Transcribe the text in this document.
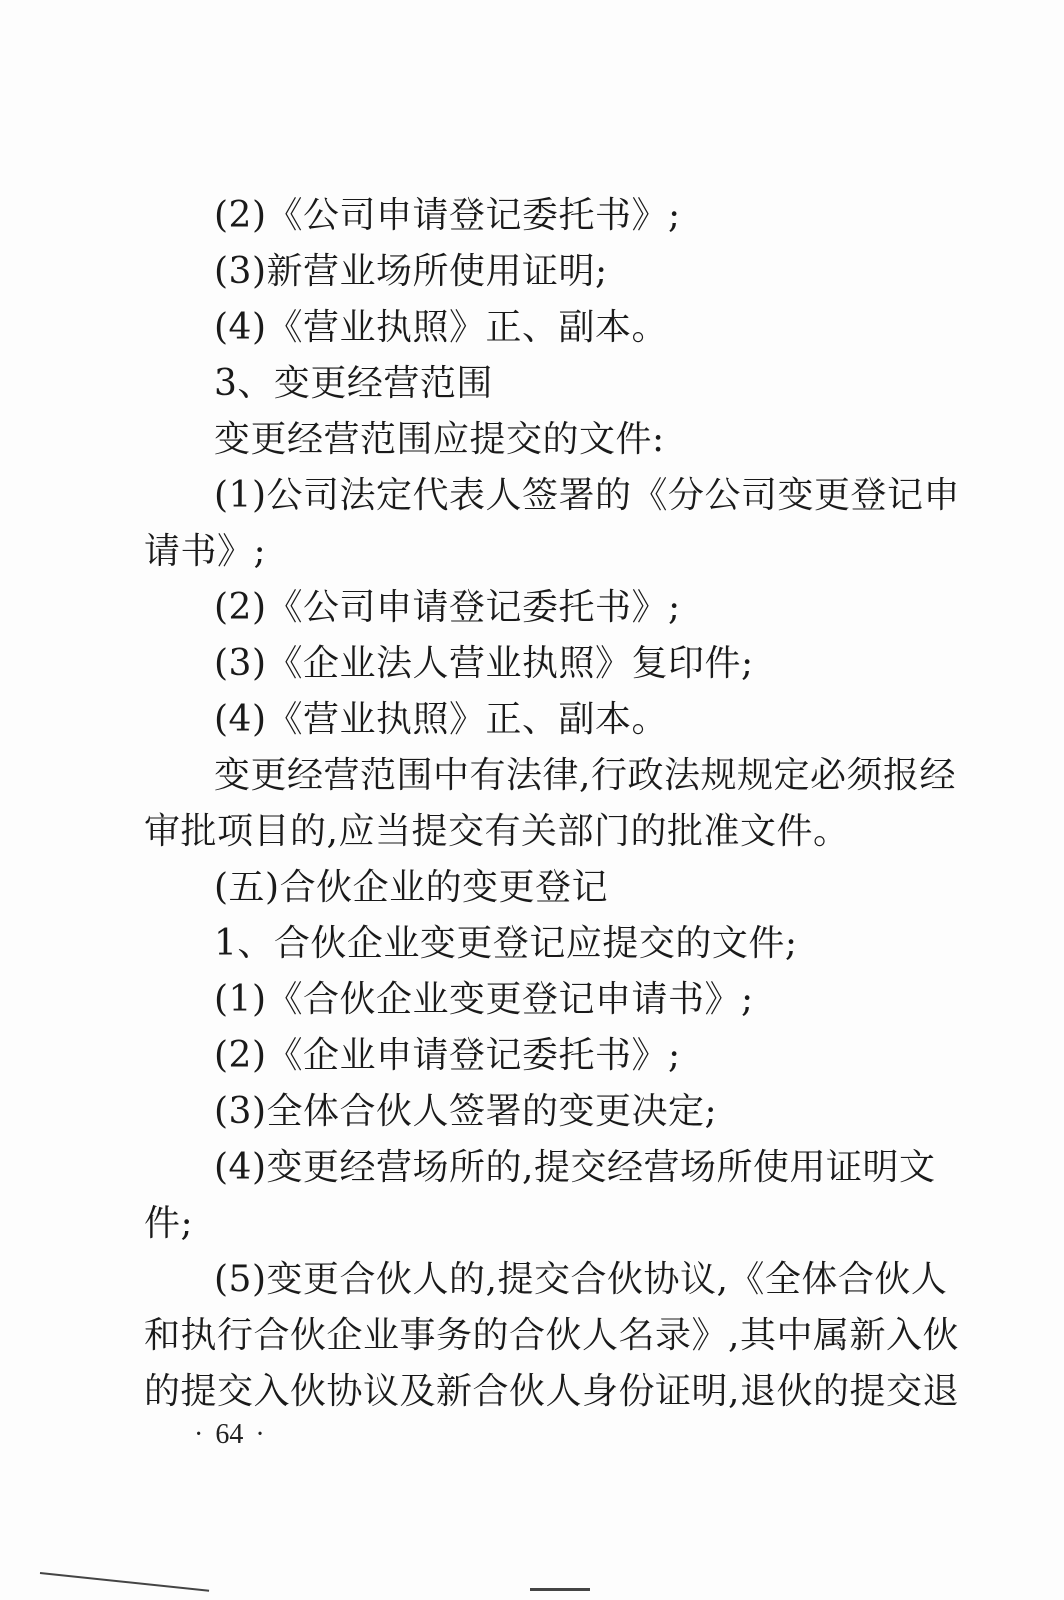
(2)《公司申请登记委托书》;
(3)新营业场所使用证明;
(4)《营业执照》正、副本。
3、变更经营范围
变更经营范围应提交的文件:
(1)公司法定代表人签署的《分公司变更登记申
请书》;
(2)《公司申请登记委托书》;
(3)《企业法人营业执照》复印件;
(4)《营业执照》正、副本。
变更经营范围中有法律,行政法规规定必须报经
审批项目的,应当提交有关部门的批准文件。
(五)合伙企业的变更登记
1、合伙企业变更登记应提交的文件;
(1)《合伙企业变更登记申请书》;
(2)《企业申请登记委托书》;
(3)全体合伙人签署的变更决定;
(4)变更经营场所的,提交经营场所使用证明文
件;
(5)变更合伙人的,提交合伙协议,《全体合伙人
和执行合伙企业事务的合伙人名录》,其中属新入伙
的提交入伙协议及新合伙人身份证明,退伙的提交退
· 64 ·
